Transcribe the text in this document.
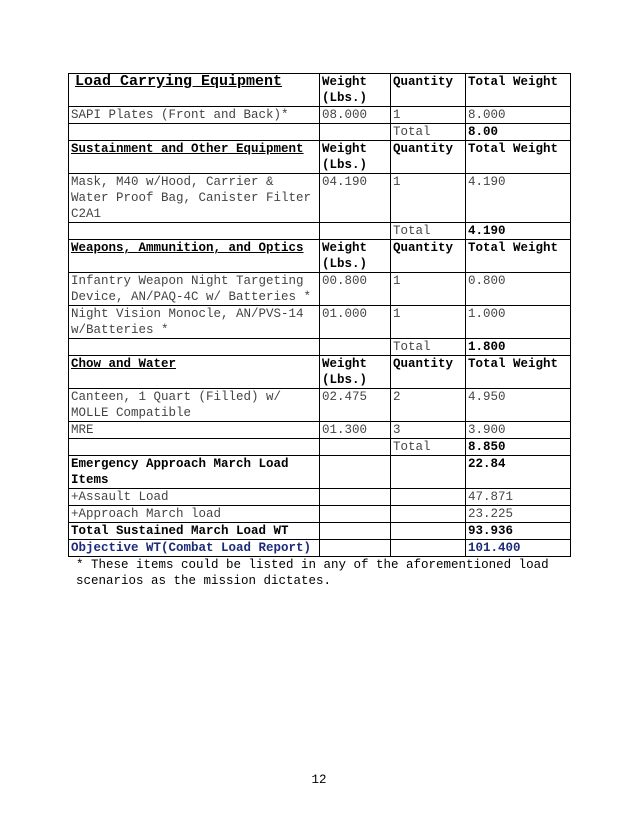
Load Carrying Equipment	Weight (Lbs.)	Quantity	Total Weight
SAPI Plates (Front and Back)*	08.000	1	8.000
		Total	8.00
Sustainment and Other Equipment	Weight (Lbs.)	Quantity	Total Weight
Mask, M40 w/Hood, Carrier & Water Proof Bag, Canister Filter C2A1	04.190	1	4.190
		Total	4.190
Weapons, Ammunition, and Optics	Weight (Lbs.)	Quantity	Total Weight
Infantry Weapon Night Targeting Device, AN/PAQ-4C w/ Batteries *	00.800	1	0.800
Night Vision Monocle, AN/PVS-14 w/Batteries *	01.000	1	1.000
		Total	1.800
Chow and Water	Weight (Lbs.)	Quantity	Total Weight
Canteen, 1 Quart (Filled) w/ MOLLE Compatible	02.475	2	4.950
MRE	01.300	3	3.900
		Total	8.850
Emergency Approach March Load Items			22.84
+Assault Load			47.871
+Approach March load			23.225
Total Sustained March Load WT			93.936
Objective WT(Combat Load Report)			101.400
* These items could be listed in any of the aforementioned load scenarios as the mission dictates.
12
